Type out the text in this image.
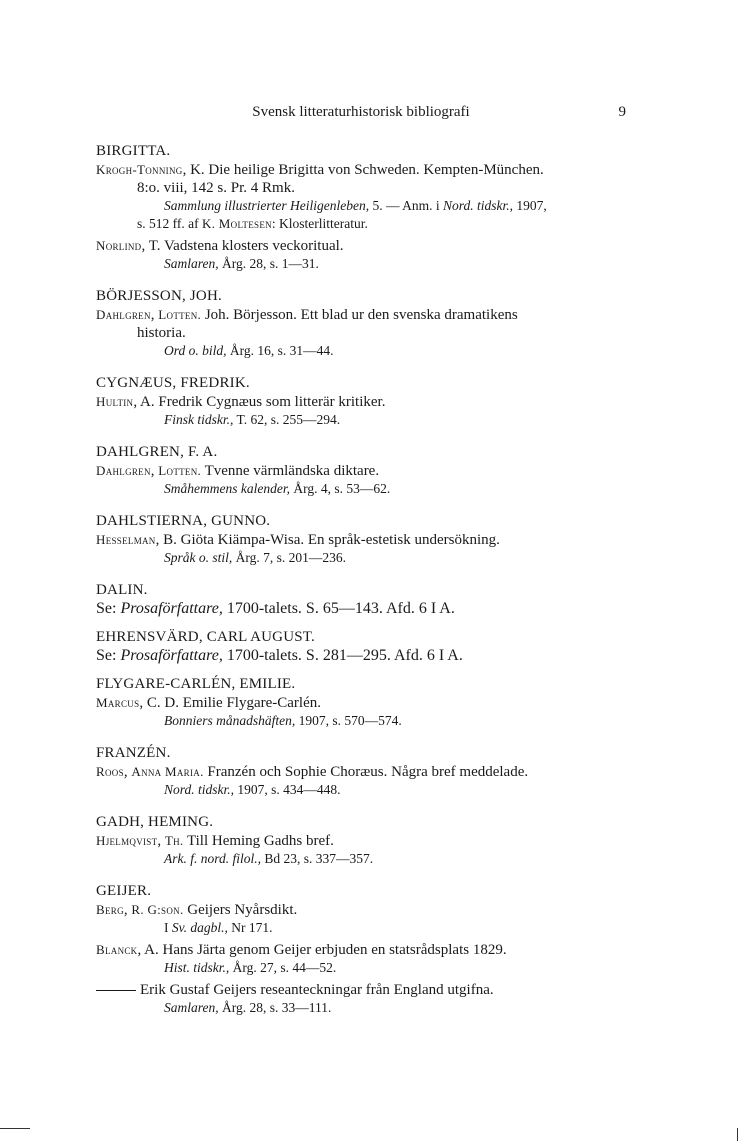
Svensk litteraturhistorisk bibliografi	9
BIRGITTA.
Krogh-Tonning, K. Die heilige Brigitta von Schweden. Kempten-München.
8:o. viii, 142 s. Pr. 4 Rmk.
Sammlung illustrierter Heiligenleben, 5. — Anm. i Nord. tidskr., 1907,
s. 512 ff. af K. Moltesen: Klosterlitteratur.
Norlind, T. Vadstena klosters veckoritual.
Samlaren, Årg. 28, s. 1—31.
BÖRJESSON, JOH.
Dahlgren, Lotten. Joh. Börjesson. Ett blad ur den svenska dramatikens
historia.
Ord o. bild, Årg. 16, s. 31—44.
CYGNÆUS, FREDRIK.
Hultin, A. Fredrik Cygnæus som litterär kritiker.
Finsk tidskr., T. 62, s. 255—294.
DAHLGREN, F. A.
Dahlgren, Lotten. Tvenne värmländska diktare.
Småhemmens kalender, Årg. 4, s. 53—62.
DAHLSTIERNA, GUNNO.
Hesselman, B. Giöta Kiämpa-Wisa. En språk-estetisk undersökning.
Språk o. stil, Årg. 7, s. 201—236.
DALIN.
Se: Prosaförfattare, 1700-talets. S. 65—143. Afd. 6 I A.
EHRENSVÄRD, CARL AUGUST.
Se: Prosaförfattare, 1700-talets. S. 281—295. Afd. 6 I A.
FLYGARE-CARLÉN, EMILIE.
Marcus, C. D. Emilie Flygare-Carlén.
Bonniers månadshäften, 1907, s. 570—574.
FRANZÉN.
Roos, Anna Maria. Franzén och Sophie Choræus. Några bref meddelade.
Nord. tidskr., 1907, s. 434—448.
GADH, HEMING.
Hjelmqvist, Th. Till Heming Gadhs bref.
Ark. f. nord. filol., Bd 23, s. 337—357.
GEIJER.
Berg, R. G:son. Geijers Nyårsdikt.
I Sv. dagbl., Nr 171.
Blanck, A. Hans Järta genom Geijer erbjuden en statsrådsplats 1829.
Hist. tidskr., Årg. 27, s. 44—52.
Erik Gustaf Geijers reseanteckningar från England utgifna.
Samlaren, Årg. 28, s. 33—111.
